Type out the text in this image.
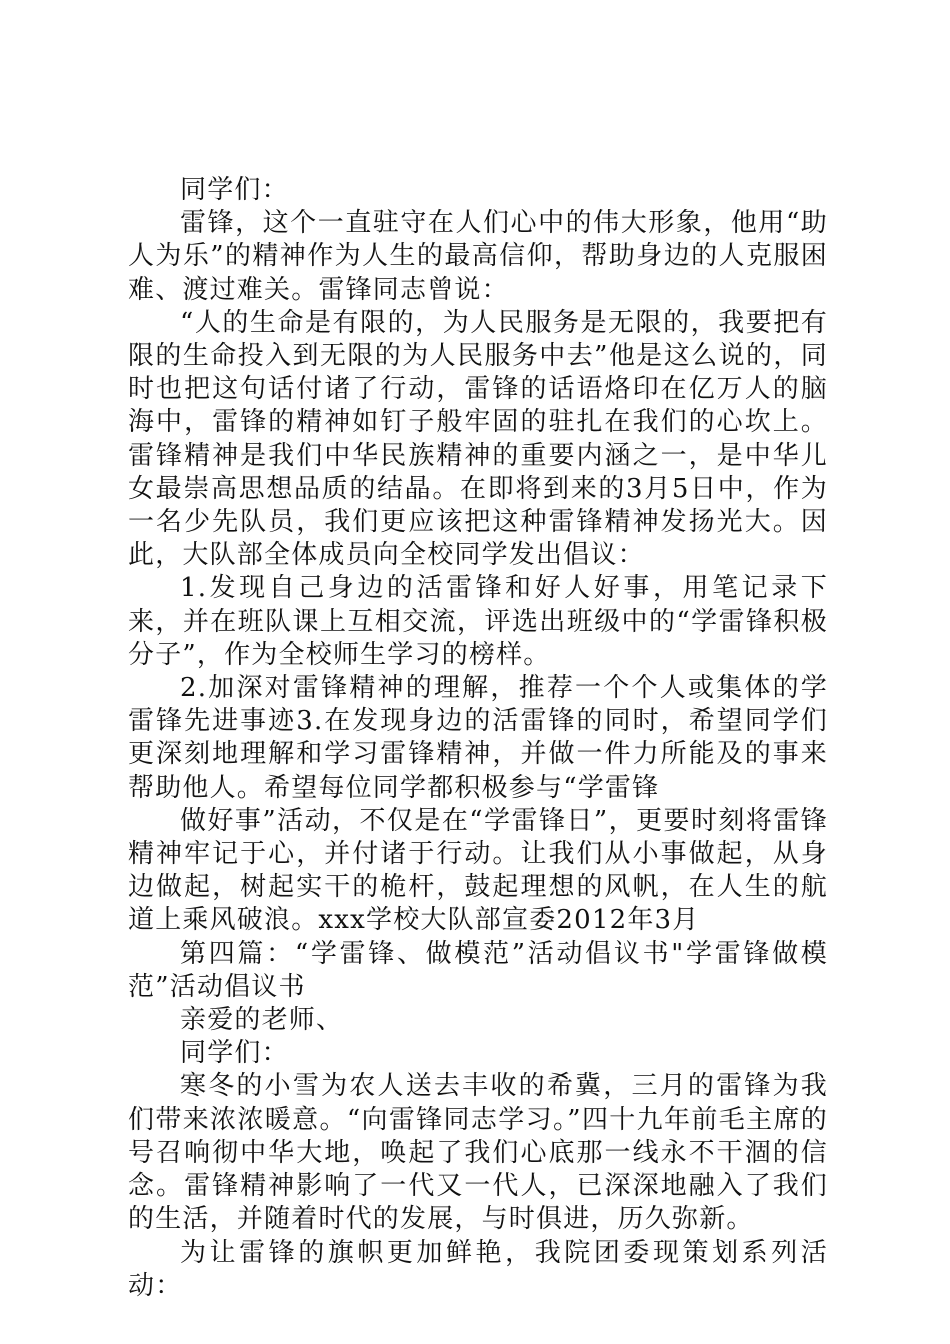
同学们：

雷锋，这个一直驻守在人们心中的伟大形象，他用“助人为乐”的精神作为人生的最高信仰，帮助身边的人克服困难、渡过难关。雷锋同志曾说：

“人的生命是有限的，为人民服务是无限的，我要把有限的生命投入到无限的为人民服务中去”他是这么说的，同时也把这句话付诸了行动，雷锋的话语烙印在亿万人的脑海中，雷锋的精神如钉子般牢固的驻扎在我们的心坎上。雷锋精神是我们中华民族精神的重要内涵之一，是中华儿女最崇高思想品质的结晶。在即将到来的3月5日中，作为一名少先队员，我们更应该把这种雷锋精神发扬光大。因此，大队部全体成员向全校同学发出倡议：

1.发现自己身边的活雷锋和好人好事，用笔记录下来，并在班队课上互相交流，评选出班级中的“学雷锋积极分子”，作为全校师生学习的榜样。

2.加深对雷锋精神的理解，推荐一个个人或集体的学雷锋先进事迹3.在发现身边的活雷锋的同时，希望同学们更深刻地理解和学习雷锋精神，并做一件力所能及的事来帮助他人。希望每位同学都积极参与“学雷锋

做好事”活动，不仅是在“学雷锋日”，更要时刻将雷锋精神牢记于心，并付诸于行动。让我们从小事做起，从身边做起，树起实干的桅杆，鼓起理想的风帆，在人生的航道上乘风破浪。xxx学校大队部宣委2012年3月

第四篇：“学雷锋、做模范”活动倡议书"学雷锋做模范”活动倡议书

亲爱的老师、

同学们：

寒冬的小雪为农人送去丰收的希冀，三月的雷锋为我们带来浓浓暖意。“向雷锋同志学习。”四十九年前毛主席的号召响彻中华大地，唤起了我们心底那一线永不干涸的信念。雷锋精神影响了一代又一代人，已深深地融入了我们的生活，并随着时代的发展，与时俱进，历久弥新。

为让雷锋的旗帜更加鲜艳，我院团委现策划系列活动：
